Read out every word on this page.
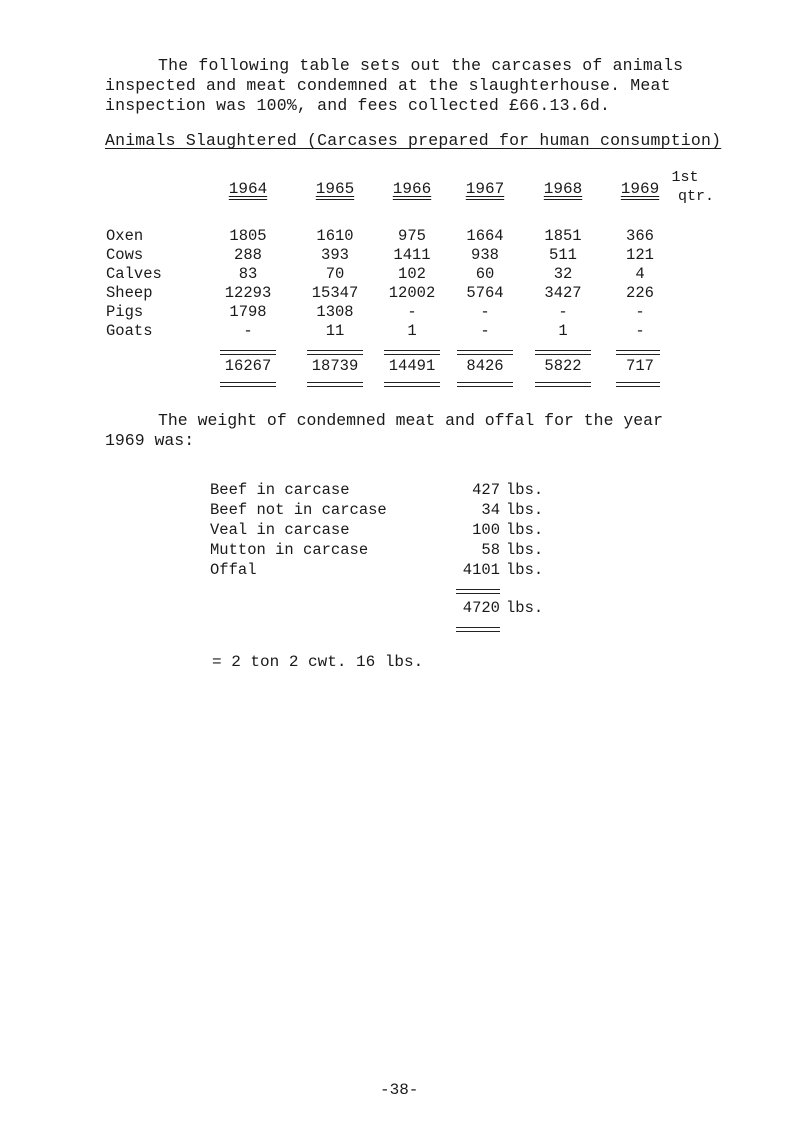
The following table sets out the carcases of animals
inspected and meat condemned at the slaughterhouse. Meat
inspection was 100%, and fees collected £66.13.6d.
Animals Slaughtered (Carcases prepared for human consumption)
1964	1965	1966	1967	1968	1969
1st
qtr.
Oxen	1805	1610	975	1664	1851	366
Cows	288	393	1411	938	511	121
Calves	83	70	102	60	32	4
Sheep	12293	15347	12002	5764	3427	226
Pigs	1798	1308	-	-	-	-
Goats	-	11	1	-	1	-
16267	18739	14491	8426	5822	717
The weight of condemned meat and offal for the year
1969 was:
Beef in carcase	427 lbs.
Beef not in carcase	34 lbs.
Veal in carcase	100 lbs.
Mutton in carcase	58 lbs.
Offal	4101 lbs.
4720 lbs.
= 2 ton 2 cwt. 16 lbs.
-38-
